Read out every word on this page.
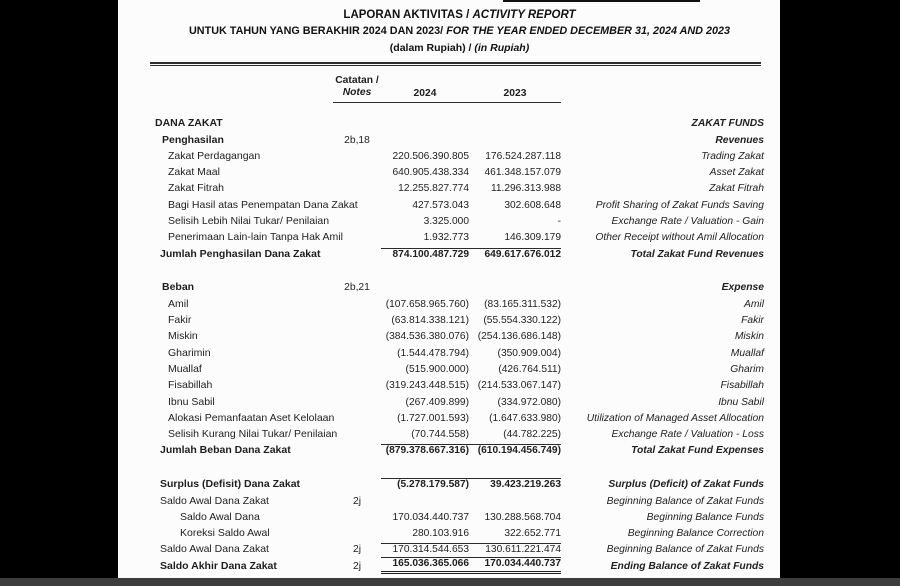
LAPORAN AKTIVITAS / ACTIVITY REPORT
UNTUK TAHUN YANG BERAKHIR 2024 DAN 2023/ FOR THE YEAR ENDED DECEMBER 31, 2024 AND 2023
(dalam Rupiah) / (in Rupiah)
Catatan /
Notes	2024	2023
DANA ZAKAT	ZAKAT FUNDS
Penghasilan	2b,18	Revenues
Zakat Perdagangan	220.506.390.805	176.524.287.118	Trading Zakat
Zakat Maal	640.905.438.334	461.348.157.079	Asset Zakat
Zakat Fitrah	12.255.827.774	11.296.313.988	Zakat Fitrah
Bagi Hasil atas Penempatan Dana Zakat	427.573.043	302.608.648	Profit Sharing of Zakat Funds Saving
Selisih Lebih Nilai Tukar/ Penilaian	3.325.000	-	Exchange Rate / Valuation - Gain
Penerimaan Lain-lain Tanpa Hak Amil	1.932.773	146.309.179	Other Receipt without Amil Allocation
Jumlah Penghasilan Dana Zakat	874.100.487.729	649.617.676.012	Total Zakat Fund Revenues
Beban	2b,21	Expense
Amil	(107.658.965.760)	(83.165.311.532)	Amil
Fakir	(63.814.338.121)	(55.554.330.122)	Fakir
Miskin	(384.536.380.076) (254.136.686.148)	Miskin
Gharimin	(1.544.478.794)	(350.909.004)	Muallaf
Muallaf	(515.900.000)	(426.764.511)	Gharim
Fisabillah	(319.243.448.515) (214.533.067.147)	Fisabillah
Ibnu Sabil	(267.409.899)	(334.972.080)	Ibnu Sabil
Alokasi Pemanfaatan Aset Kelolaan	(1.727.001.593)	(1.647.633.980)	Utilization of Managed Asset Allocation
Selisih Kurang Nilai Tukar/ Penilaian	(70.744.558)	(44.782.225)	Exchange Rate / Valuation - Loss
Jumlah Beban Dana Zakat	(879.378.667.316) (610.194.456.749)	Total Zakat Fund Expenses
Surplus (Defisit) Dana Zakat	(5.278.179.587)	39.423.219.263	Surplus (Deficit) of Zakat Funds
Saldo Awal Dana Zakat	2j	Beginning Balance of Zakat Funds
Saldo Awal Dana	170.034.440.737	130.288.568.704	Beginning Balance Funds
Koreksi Saldo Awal	280.103.916	322.652.771	Beginning Balance Correction
Saldo Awal Dana Zakat	2j	170.314.544.653	130.611.221.474	Beginning Balance of Zakat Funds
Saldo Akhir Dana Zakat	2j	165.036.365.066	170.034.440.737	Ending Balance of Zakat Funds
